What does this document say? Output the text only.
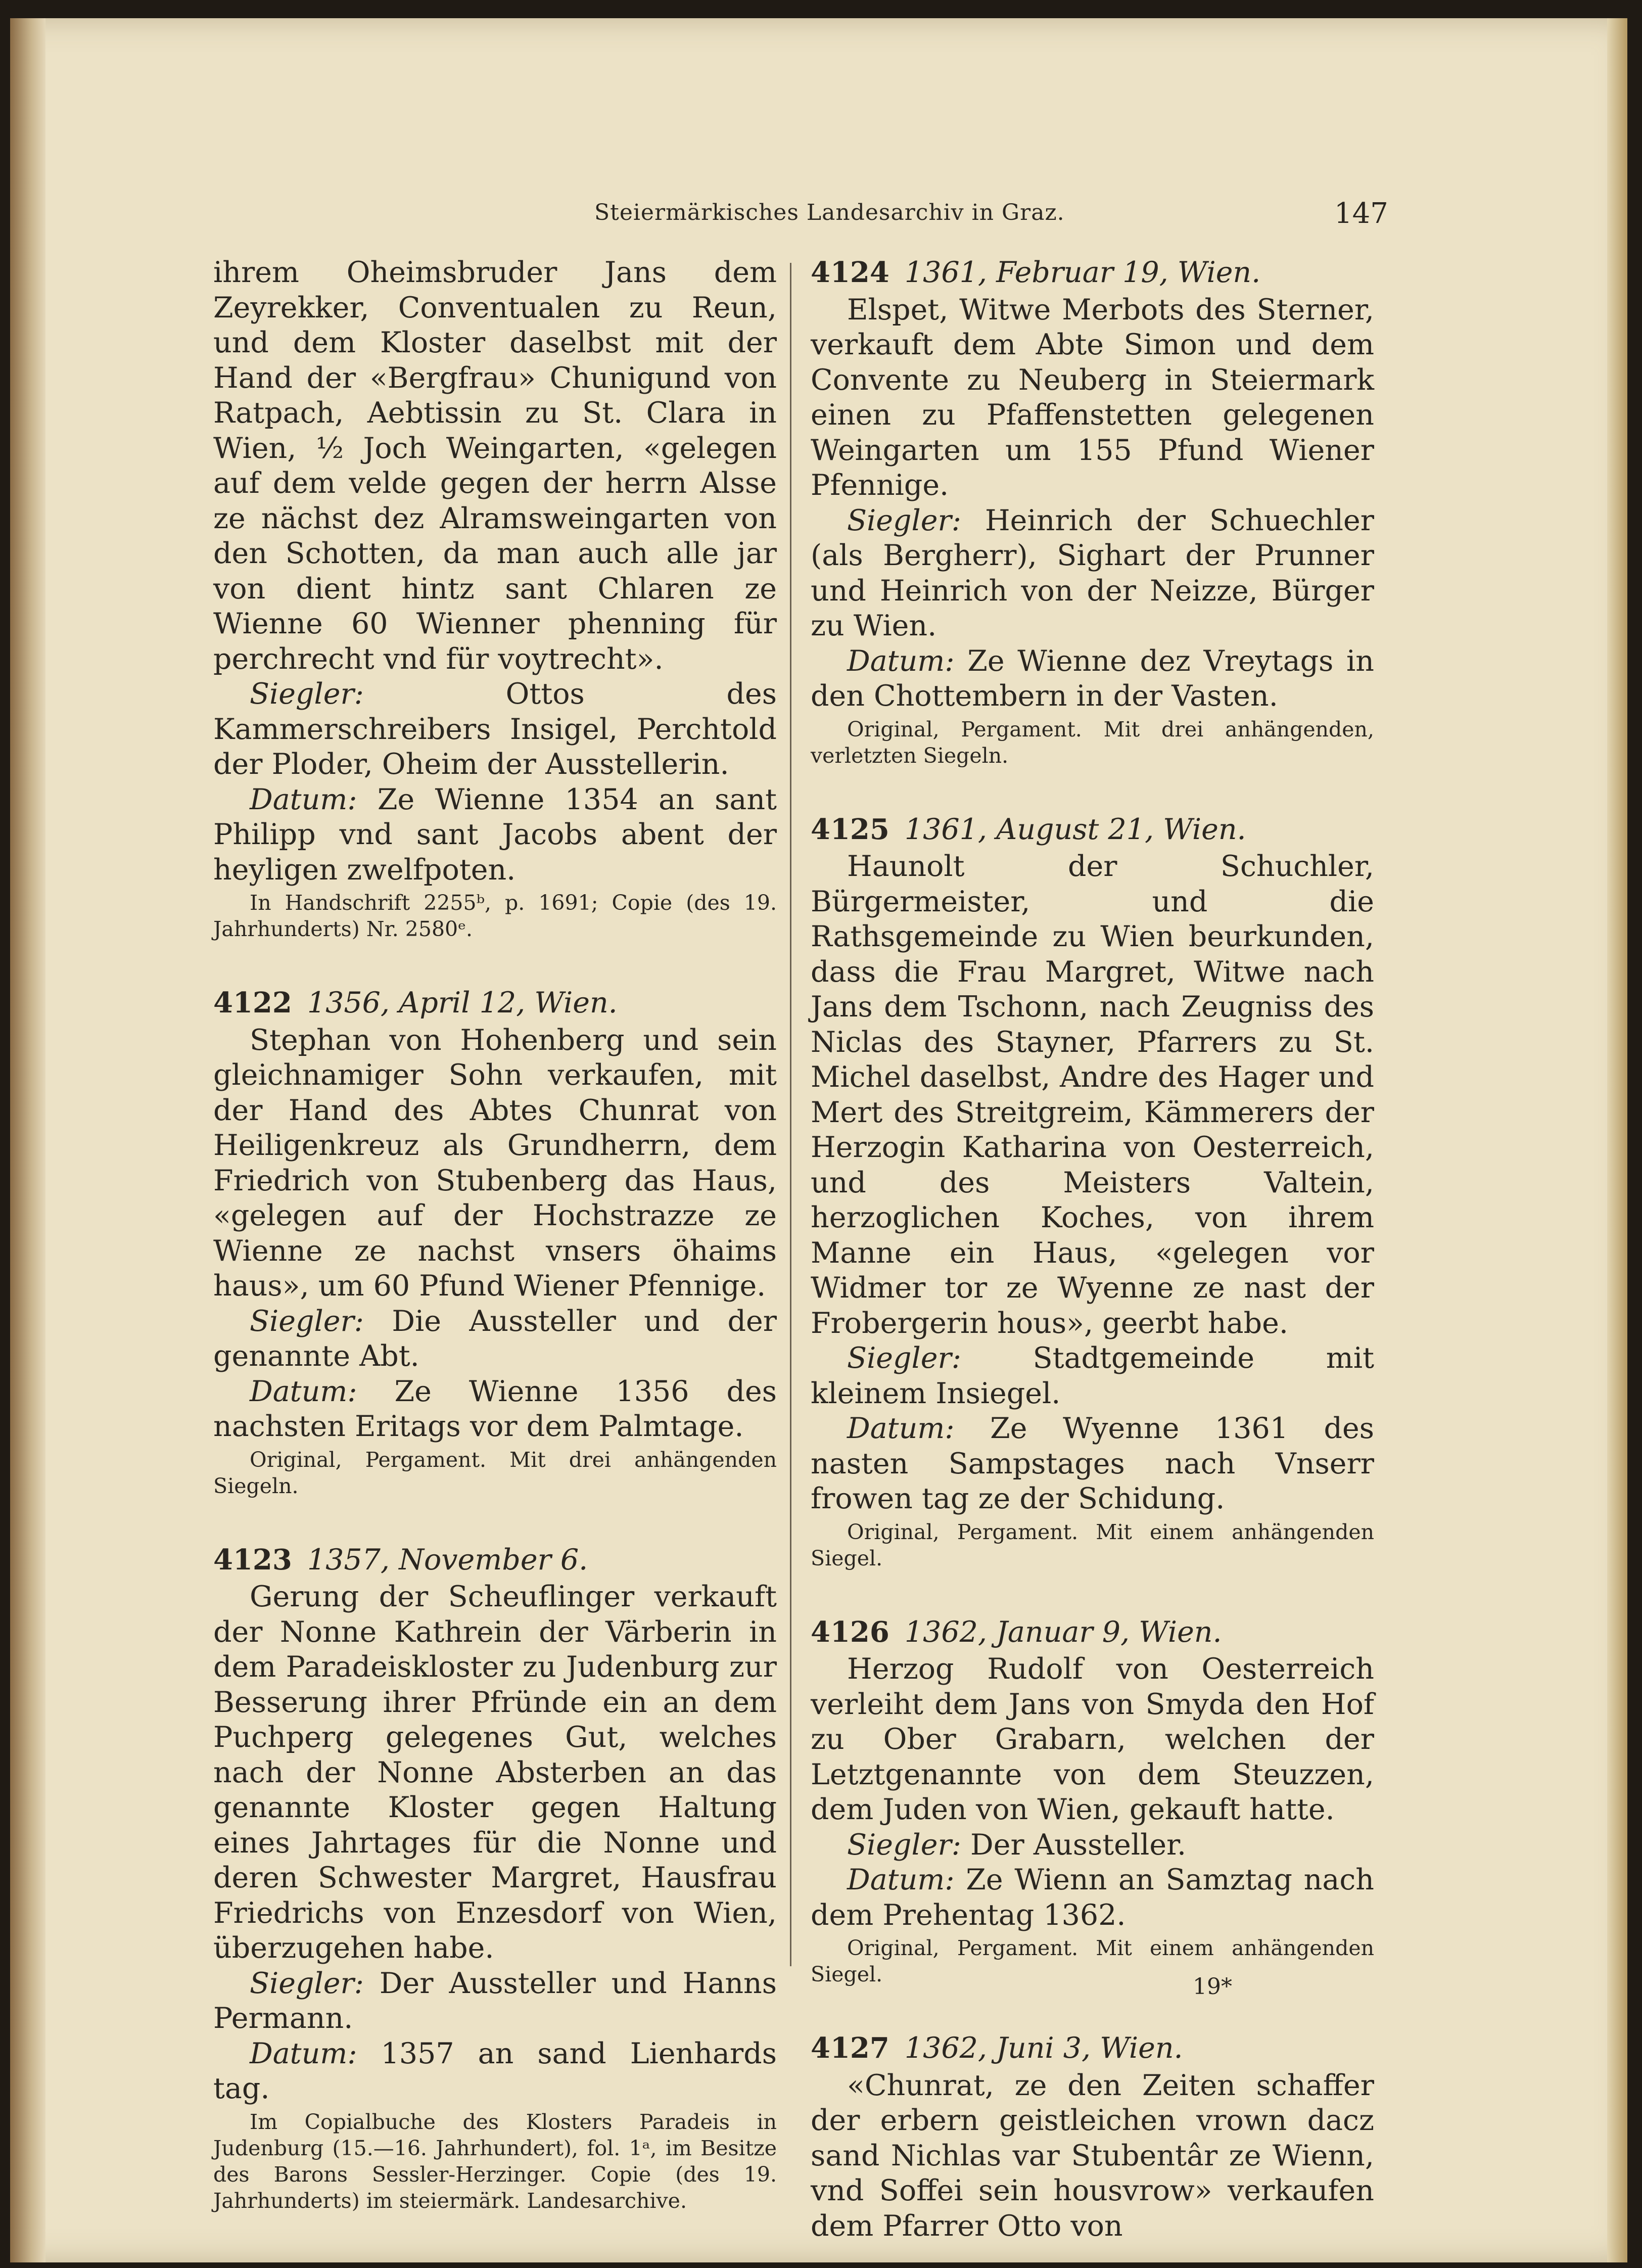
Steiermärkisches Landesarchiv in Graz.	147

ihrem Oheimsbruder Jans dem Zeyrekker, Conventualen zu Reun, und dem Kloster daselbst mit der Hand der «Bergfrau» Chunigund von Ratpach, Aebtissin zu St. Clara in Wien, ½ Joch Weingarten, «gelegen auf dem velde gegen der herrn Alsse ze nächst dez Alramsweingarten von den Schotten, da man auch alle jar von dient hintz sant Chlaren ze Wienne 60 Wienner phenning für perchrecht vnd für voytrecht».

Siegler:	Ottos des Kammerschreibers Insigel, Perchtold der Ploder, Oheim der Ausstellerin.

Datum: Ze Wienne 1354 an sant Philipp vnd sant Jacobs abent der heyligen zwelfpoten.

In Handschrift 2255ᵇ, p. 1691; Copie (des 19. Jahrhunderts) Nr. 2580ᵉ.

4122 1356, April 12, Wien.

Stephan von Hohenberg und sein gleichnamiger Sohn verkaufen, mit der Hand des Abtes Chunrat von Heiligenkreuz als Grundherrn, dem Friedrich von Stubenberg das Haus, «gelegen auf der Hochstrazze ze Wienne ze nachst vnsers öhaims haus», um 60 Pfund Wiener Pfennige.

Siegler: Die Aussteller und der genannte Abt.

Datum: Ze Wienne 1356 des nachsten Eritags vor dem Palmtage.

Original, Pergament. Mit drei anhängenden Siegeln.

4123 1357, November 6.

Gerung der Scheuflinger verkauft der Nonne Kathrein der Värberin in dem Paradeiskloster zu Judenburg zur Besserung ihrer Pfründe ein an dem Puchperg gelegenes Gut, welches nach der Nonne Absterben an das genannte Kloster gegen Haltung eines Jahrtages für die Nonne und deren Schwester Margret, Hausfrau Friedrichs von Enzesdorf von Wien, überzugehen habe.

Siegler: Der Aussteller und Hanns Permann.

Datum: 1357 an sand Lienhards tag.

Im Copialbuche des Klosters Paradeis in Judenburg (15.—16. Jahrhundert), fol. 1ᵃ, im Besitze des Barons Sessler-Herzinger. Copie (des 19. Jahrhunderts) im steiermärk. Landesarchive.

4124 1361, Februar 19, Wien.

Elspet, Witwe Merbots des Sterner, verkauft dem Abte Simon und dem Convente zu Neuberg in Steiermark einen zu Pfaffenstetten gelegenen Weingarten um 155 Pfund Wiener Pfennige.

Siegler: Heinrich der Schuechler (als Bergherr), Sighart der Prunner und Heinrich von der Neizze, Bürger zu Wien.

Datum: Ze Wienne dez Vreytags in den Chottembern in der Vasten.

Original, Pergament. Mit drei anhängenden, verletzten Siegeln.

4125 1361, August 21, Wien.

Haunolt der Schuchler, Bürgermeister, und die Rathsgemeinde zu Wien beurkunden, dass die Frau Margret, Witwe nach Jans dem Tschonn, nach Zeugniss des Niclas des Stayner, Pfarrers zu St. Michel daselbst, Andre des Hager und Mert des Streitgreim, Kämmerers der Herzogin Katharina von Oesterreich, und des Meisters Valtein, herzoglichen Koches, von ihrem Manne ein Haus, «gelegen vor Widmer tor ze Wyenne ze nast der Frobergerin hous», geerbt habe.

Siegler: Stadtgemeinde mit kleinem Insiegel.

Datum: Ze Wyenne 1361 des nasten Sampstages nach Vnserr frowen tag ze der Schidung.

Original, Pergament. Mit einem anhängenden Siegel.

4126 1362, Januar 9, Wien.

Herzog Rudolf von Oesterreich verleiht dem Jans von Smyda den Hof zu Ober Grabarn, welchen der Letztgenannte von dem Steuzzen, dem Juden von Wien, gekauft hatte.

Siegler: Der Aussteller.

Datum: Ze Wienn an Samztag nach dem Prehentag 1362.

Original, Pergament. Mit einem anhängenden Siegel.

4127 1362, Juni 3, Wien.

«Chunrat, ze den Zeiten schaffer der erbern geistleichen vrown dacz sand Nichlas var Stubentâr ze Wienn, vnd Soffei sein housvrow» verkaufen dem Pfarrer Otto von

19*
